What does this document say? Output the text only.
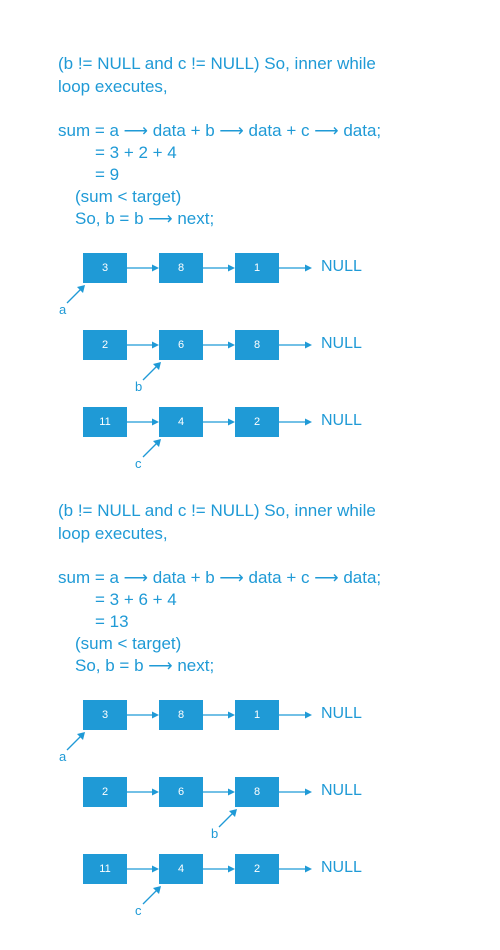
(b != NULL and c != NULL) So, inner while
loop executes,
sum = a ⟶ data + b ⟶ data + c ⟶ data;
= 3 + 2 + 4
= 9
(sum < target)
So, b = b ⟶ next;
3	8	1	NULL
a
2	6	8	NULL
b
11	4	2	NULL
c
(b != NULL and c != NULL) So, inner while
loop executes,
sum = a ⟶ data + b ⟶ data + c ⟶ data;
= 3 + 6 + 4
= 13
(sum < target)
So, b = b ⟶ next;
3	8	1	NULL
a
2	6	8	NULL
b
11	4	2	NULL
c
